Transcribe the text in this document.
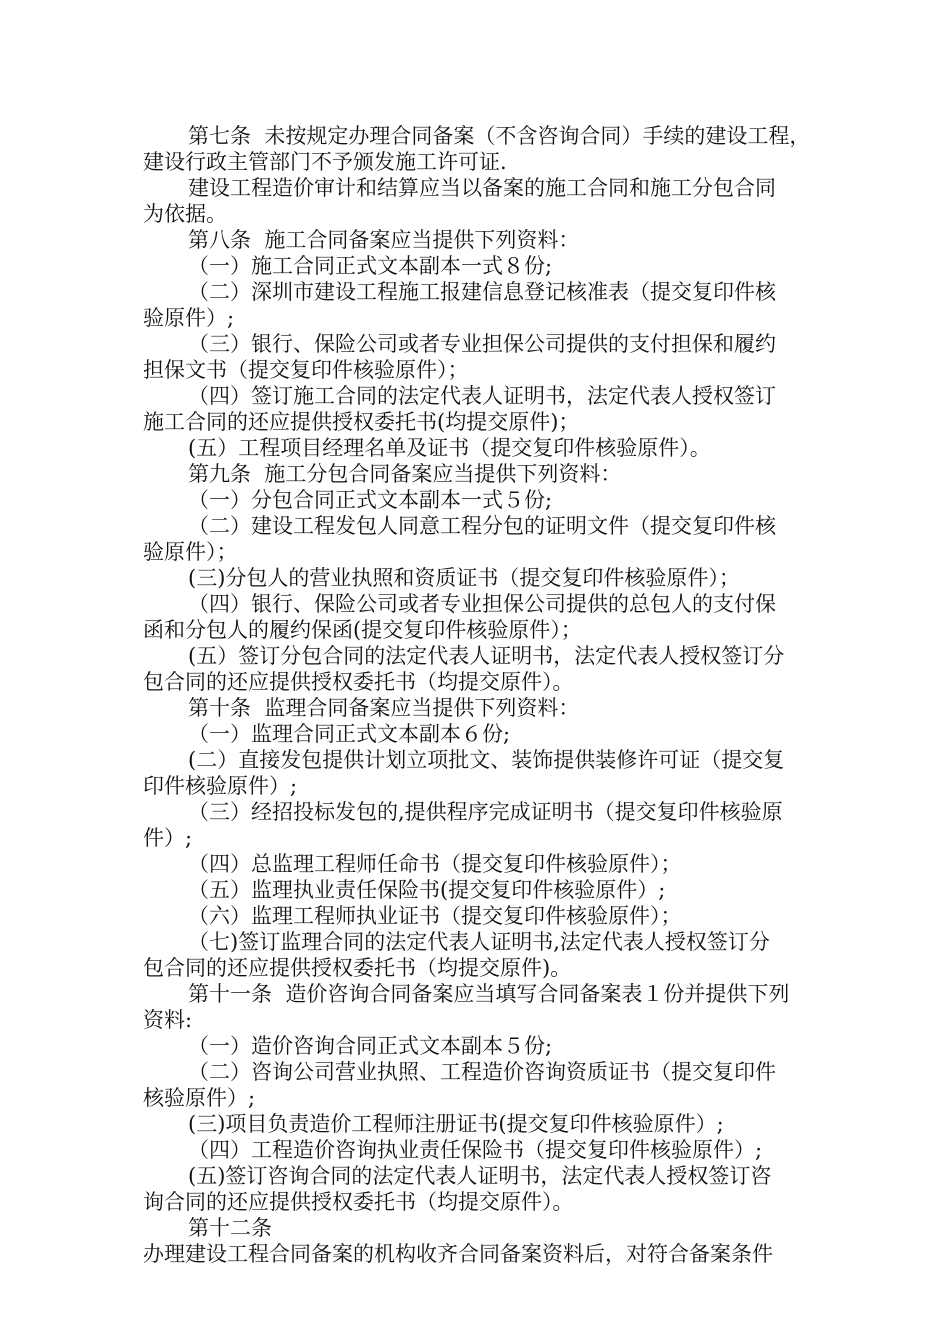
第七条  未按规定办理合同备案（不含咨询合同）手续的建设工程，
建设行政主管部门不予颁发施工许可证.
建设工程造价审计和结算应当以备案的施工合同和施工分包合同
为依据。
第八条  施工合同备案应当提供下列资料：
（一）施工合同正式文本副本一式８份;
（二）深圳市建设工程施工报建信息登记核准表（提交复印件核
验原件）;
（三）银行、保险公司或者专业担保公司提供的支付担保和履约
担保文书（提交复印件核验原件）；
（四）签订施工合同的法定代表人证明书，法定代表人授权签订
施工合同的还应提供授权委托书(均提交原件)；
(五）工程项目经理名单及证书（提交复印件核验原件）。
第九条  施工分包合同备案应当提供下列资料：
（一）分包合同正式文本副本一式５份;
（二）建设工程发包人同意工程分包的证明文件（提交复印件核
验原件）；
(三)分包人的营业执照和资质证书（提交复印件核验原件）；
（四）银行、保险公司或者专业担保公司提供的总包人的支付保
函和分包人的履约保函(提交复印件核验原件）；
(五）签订分包合同的法定代表人证明书，法定代表人授权签订分
包合同的还应提供授权委托书（均提交原件）。
第十条  监理合同备案应当提供下列资料：
（一）监理合同正式文本副本６份;
(二）直接发包提供计划立项批文、装饰提供装修许可证（提交复
印件核验原件）;
（三）经招投标发包的,提供程序完成证明书（提交复印件核验原
件）;
（四）总监理工程师任命书（提交复印件核验原件）；
（五）监理执业责任保险书(提交复印件核验原件）;
（六）监理工程师执业证书（提交复印件核验原件）；
（七)签订监理合同的法定代表人证明书,法定代表人授权签订分
包合同的还应提供授权委托书（均提交原件)。
第十一条  造价咨询合同备案应当填写合同备案表１份并提供下列
资料:
（一）造价咨询合同正式文本副本５份;
（二）咨询公司营业执照、工程造价咨询资质证书（提交复印件
核验原件）;
(三)项目负责造价工程师注册证书(提交复印件核验原件）;
（四）工程造价咨询执业责任保险书（提交复印件核验原件）;
(五)签订咨询合同的法定代表人证明书，法定代表人授权签订咨
询合同的还应提供授权委托书（均提交原件）。
第十二条
办理建设工程合同备案的机构收齐合同备案资料后，对符合备案条件
